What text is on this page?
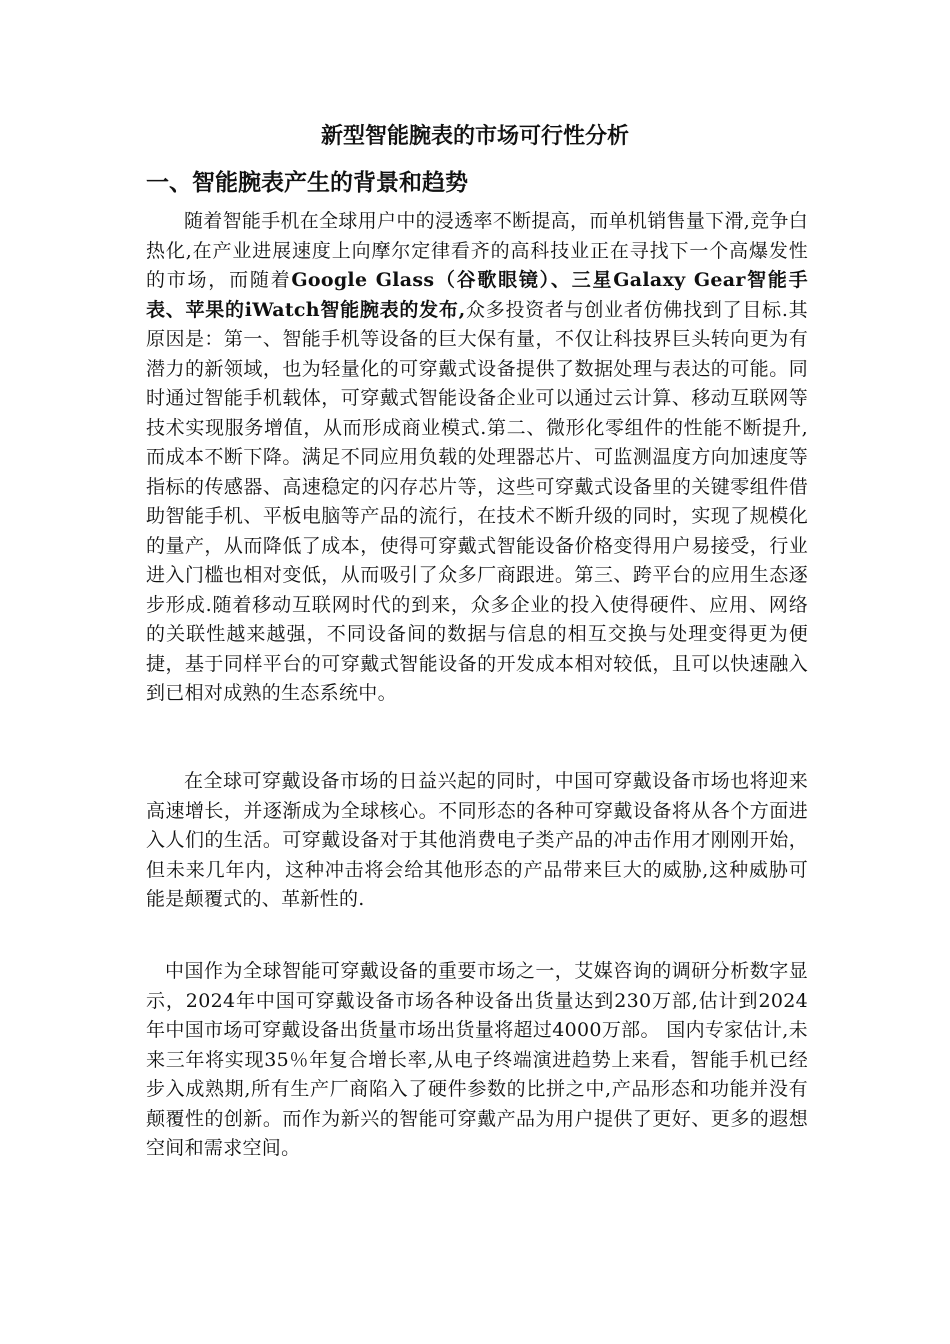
新型智能腕表的市场可行性分析
一、智能腕表产生的背景和趋势

随着智能手机在全球用户中的浸透率不断提高，而单机销售量下滑,竞争白热化,在产业进展速度上向摩尔定律看齐的高科技业正在寻找下一个高爆发性的市场，而随着Google Glass（谷歌眼镜）、三星Galaxy Gear智能手表、苹果的iWatch智能腕表的发布,众多投资者与创业者仿佛找到了目标.其原因是：第一、智能手机等设备的巨大保有量，不仅让科技界巨头转向更为有潜力的新领域，也为轻量化的可穿戴式设备提供了数据处理与表达的可能。同时通过智能手机载体，可穿戴式智能设备企业可以通过云计算、移动互联网等技术实现服务增值，从而形成商业模式.第二、微形化零组件的性能不断提升,而成本不断下降。满足不同应用负载的处理器芯片、可监测温度方向加速度等指标的传感器、高速稳定的闪存芯片等，这些可穿戴式设备里的关键零组件借助智能手机、平板电脑等产品的流行，在技术不断升级的同时，实现了规模化的量产，从而降低了成本，使得可穿戴式智能设备价格变得用户易接受，行业进入门槛也相对变低，从而吸引了众多厂商跟进。第三、跨平台的应用生态逐步形成.随着移动互联网时代的到来，众多企业的投入使得硬件、应用、网络的关联性越来越强，不同设备间的数据与信息的相互交换与处理变得更为便捷，基于同样平台的可穿戴式智能设备的开发成本相对较低，且可以快速融入到已相对成熟的生态系统中。

在全球可穿戴设备市场的日益兴起的同时，中国可穿戴设备市场也将迎来高速增长，并逐渐成为全球核心。不同形态的各种可穿戴设备将从各个方面进入人们的生活。可穿戴设备对于其他消费电子类产品的冲击作用才刚刚开始，但未来几年内，这种冲击将会给其他形态的产品带来巨大的威胁,这种威胁可能是颠覆式的、革新性的.

中国作为全球智能可穿戴设备的重要市场之一，艾媒咨询的调研分析数字显示，2024年中国可穿戴设备市场各种设备出货量达到230万部,估计到2024年中国市场可穿戴设备出货量市场出货量将超过4000万部。 国内专家估计,未来三年将实现35％年复合增长率,从电子终端演进趋势上来看，智能手机已经步入成熟期,所有生产厂商陷入了硬件参数的比拼之中,产品形态和功能并没有颠覆性的创新。而作为新兴的智能可穿戴产品为用户提供了更好、更多的遐想空间和需求空间。
